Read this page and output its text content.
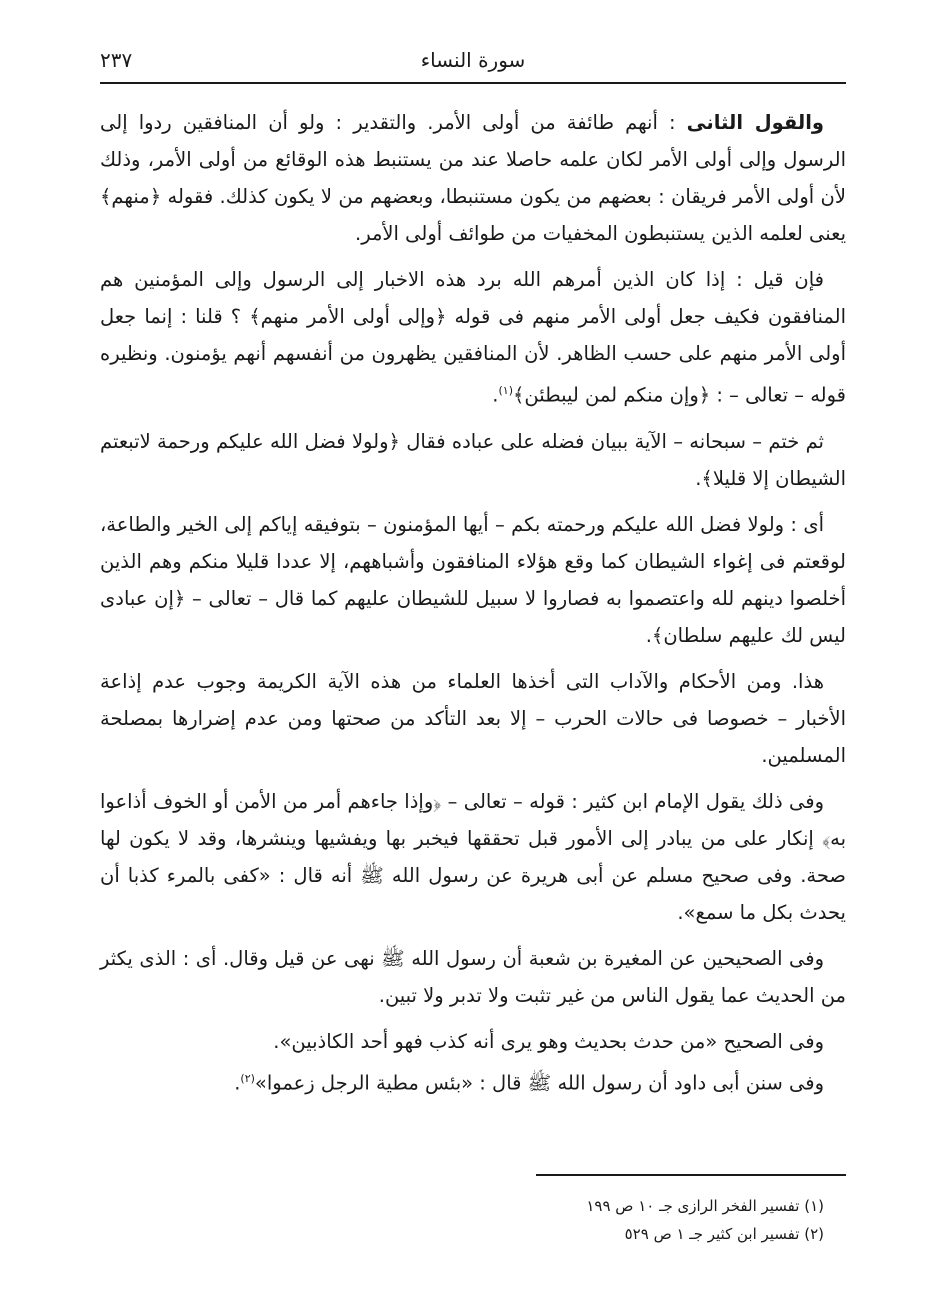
٢٣٧	سورة النساء

والقول الثانى : أنهم طائفة من أولى الأمر. والتقدير : ولو أن المنافقين ردوا إلى الرسول وإلى أولى الأمر لكان علمه حاصلا عند من يستنبط هذه الوقائع من أولى الأمر، وذلك لأن أولى الأمر فريقان : بعضهم من يكون مستنبطا، وبعضهم من لا يكون كذلك. فقوله ﴿منهم﴾ يعنى لعلمه الذين يستنبطون المخفيات من طوائف أولى الأمر.

فإن قيل : إذا كان الذين أمرهم الله برد هذه الاخبار إلى الرسول وإلى المؤمنين هم المنافقون فكيف جعل أولى الأمر منهم فى قوله ﴿وإلى أولى الأمر منهم﴾ ؟ قلنا : إنما جعل أولى الأمر منهم على حسب الظاهر. لأن المنافقين يظهرون من أنفسهم أنهم يؤمنون. ونظيره قوله – تعالى – : ﴿وإن منكم لمن ليبطئن﴾$^{(١)}$.

ثم ختم – سبحانه – الآية ببيان فضله على عباده فقال ﴿ولولا فضل الله عليكم ورحمة لاتبعتم الشيطان إلا قليلا﴾.

أى : ولولا فضل الله عليكم ورحمته بكم – أيها المؤمنون – بتوفيقه إياكم إلى الخير والطاعة، لوقعتم فى إغواء الشيطان كما وقع هؤلاء المنافقون وأشباههم، إلا عددا قليلا منكم وهم الذين أخلصوا دينهم لله واعتصموا به فصاروا لا سبيل للشيطان عليهم كما قال – تعالى – ﴿إن عبادى ليس لك عليهم سلطان﴾.

هذا. ومن الأحكام والآداب التى أخذها العلماء من هذه الآية الكريمة وجوب عدم إذاعة الأخبار – خصوصا فى حالات الحرب – إلا بعد التأكد من صحتها ومن عدم إضرارها بمصلحة المسلمين.

وفى ذلك يقول الإمام ابن كثير : قوله – تعالى – ﴿وإذا جاءهم أمر من الأمن أو الخوف أذاعوا به﴾ إنكار على من يبادر إلى الأمور قبل تحققها فيخبر بها ويفشيها وينشرها، وقد لا يكون لها صحة. وفى صحيح مسلم عن أبى هريرة عن رسول الله ﷺ أنه قال : «كفى بالمرء كذبا أن يحدث بكل ما سمع».

وفى الصحيحين عن المغيرة بن شعبة أن رسول الله ﷺ نهى عن قيل وقال. أى : الذى يكثر من الحديث عما يقول الناس من غير تثبت ولا تدبر ولا تبين.

وفى الصحيح «من حدث بحديث وهو يرى أنه كذب فهو أحد الكاذبين».

وفى سنن أبى داود أن رسول الله ﷺ قال : «بئس مطية الرجل زعموا»$^{(٢)}$.

(١) تفسير الفخر الرازى جـ ١٠ ص ١٩٩
(٢) تفسير ابن كثير جـ ١ ص ٥٢٩
